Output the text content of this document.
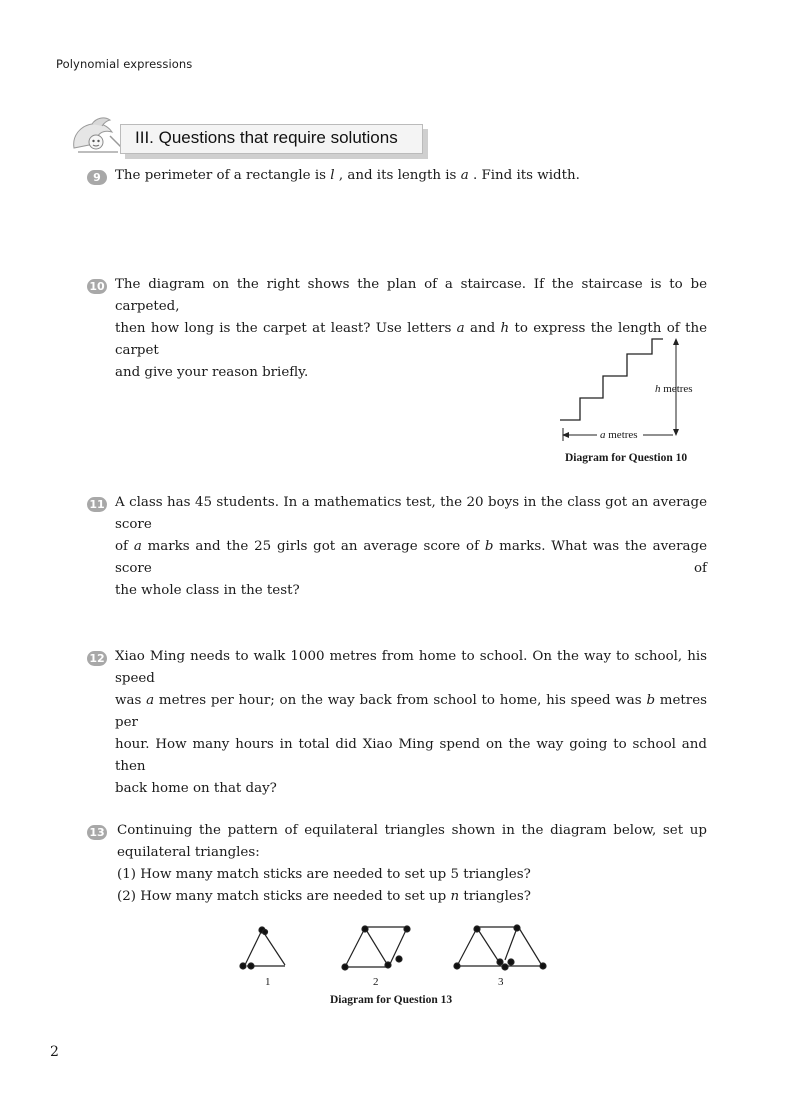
Polynomial expressions
III. Questions that require solutions
9	The perimeter of a rectangle is l , and its length is a . Find its width.
10 The diagram on the right shows the plan of a staircase. If the staircase is to be carpeted,
then how long is the carpet at least? Use letters a and h to express the length of the carpet
and give your reason briefly.
h metres
a metres
Diagram for Question 10
11 A class has 45 students. In a mathematics test, the 20 boys in the class got an average score
of a marks and the 25 girls got an average score of b marks. What was the average score of
the whole class in the test?
12 Xiao Ming needs to walk 1000 metres from home to school. On the way to school, his speed
was a metres per hour; on the way back from school to home, his speed was b metres per
hour. How many hours in total did Xiao Ming spend on the way going to school and then
back home on that day?
13 Continuing the pattern of equilateral triangles shown in the diagram below, set up
equilateral triangles:
(1) How many match sticks are needed to set up 5 triangles?
(2) How many match sticks are needed to set up n triangles?
1	2	3
Diagram for Question 13
2
